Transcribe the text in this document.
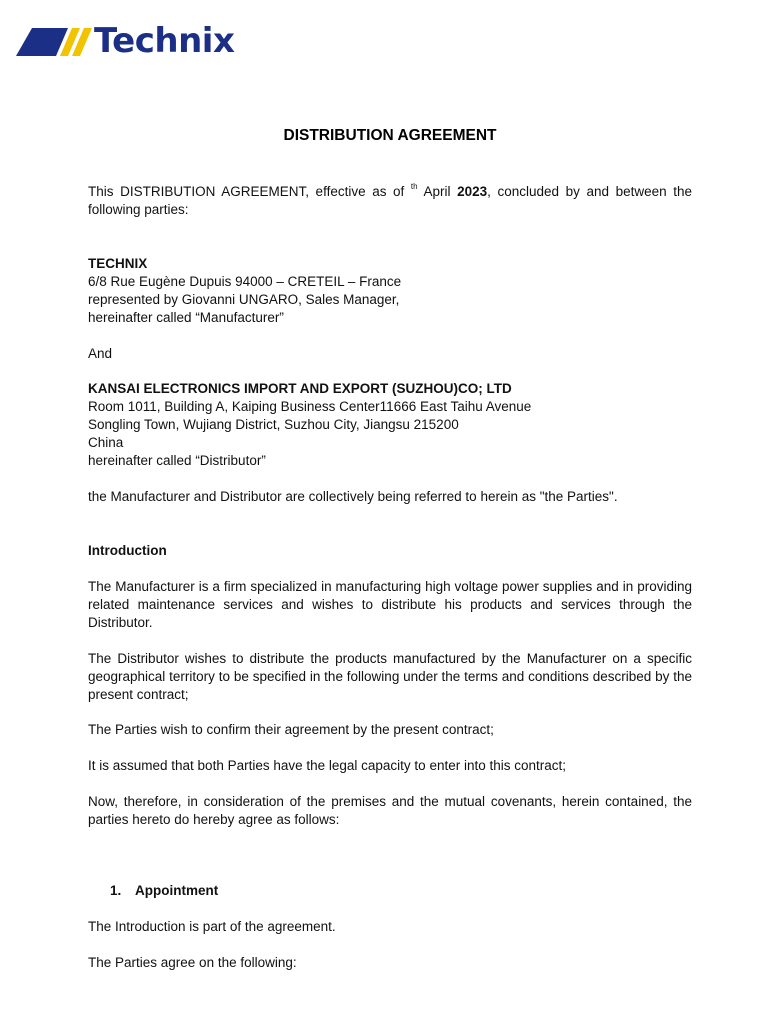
Technix
DISTRIBUTION AGREEMENT
This DISTRIBUTION AGREEMENT, effective as of $^{th}$ April 2023, concluded by and between the
following parties:
TECHNIX
6/8 Rue Eugène Dupuis 94000 – CRETEIL – France
represented by Giovanni UNGARO, Sales Manager,
hereinafter called “Manufacturer”
And
KANSAI ELECTRONICS IMPORT AND EXPORT (SUZHOU)CO; LTD
Room 1011, Building A, Kaiping Business Center11666 East Taihu Avenue
Songling Town, Wujiang District, Suzhou City, Jiangsu 215200
China
hereinafter called “Distributor”
the Manufacturer and Distributor are collectively being referred to herein as "the Parties".
Introduction

The Manufacturer is a firm specialized in manufacturing high voltage power supplies and in providing related maintenance services and wishes to distribute his products and services through the Distributor.

The Distributor wishes to distribute the products manufactured by the Manufacturer on a specific geographical territory to be specified in the following under the terms and conditions described by the present contract;

The Parties wish to confirm their agreement by the present contract;

It is assumed that both Parties have the legal capacity to enter into this contract;

Now, therefore, in consideration of the premises and the mutual covenants, herein contained, the parties hereto do hereby agree as follows:

1. Appointment

The Introduction is part of the agreement.

The Parties agree on the following:
